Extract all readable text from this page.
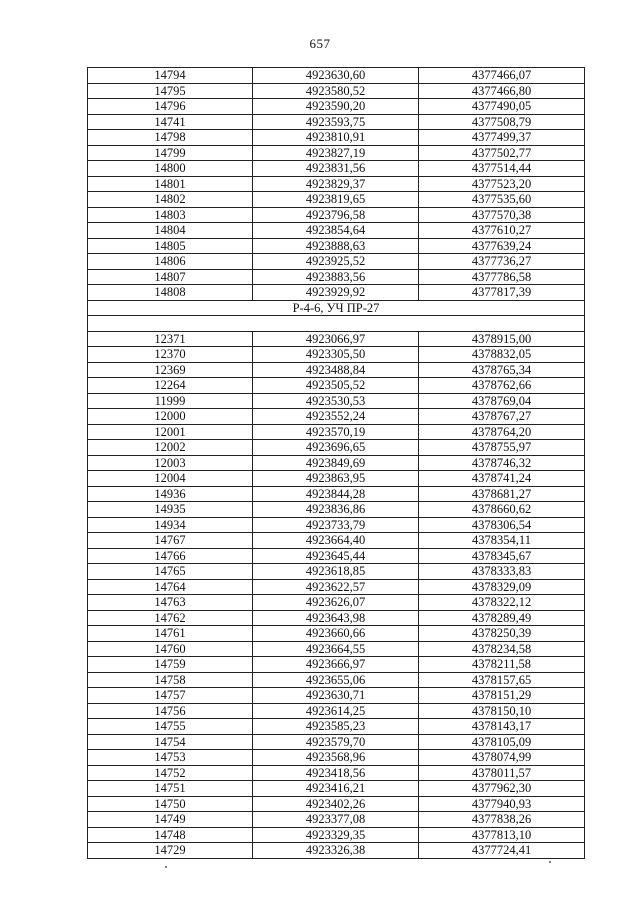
657
14794	4923630,60	4377466,07
14795	4923580,52	4377466,80
14796	4923590,20	4377490,05
14741	4923593,75	4377508,79
14798	4923810,91	4377499,37
14799	4923827,19	4377502,77
14800	4923831,56	4377514,44
14801	4923829,37	4377523,20
14802	4923819,65	4377535,60
14803	4923796,58	4377570,38
14804	4923854,64	4377610,27
14805	4923888,63	4377639,24
14806	4923925,52	4377736,27
14807	4923883,56	4377786,58
14808	4923929,92	4377817,39
Р-4-6, УЧ ПР-27		

12371	4923066,97	4378915,00
12370	4923305,50	4378832,05
12369	4923488,84	4378765,34
12264	4923505,52	4378762,66
11999	4923530,53	4378769,04
12000	4923552,24	4378767,27
12001	4923570,19	4378764,20
12002	4923696,65	4378755,97
12003	4923849,69	4378746,32
12004	4923863,95	4378741,24
14936	4923844,28	4378681,27
14935	4923836,86	4378660,62
14934	4923733,79	4378306,54
14767	4923664,40	4378354,11
14766	4923645,44	4378345,67
14765	4923618,85	4378333,83
14764	4923622,57	4378329,09
14763	4923626,07	4378322,12
14762	4923643,98	4378289,49
14761	4923660,66	4378250,39
14760	4923664,55	4378234,58
14759	4923666,97	4378211,58
14758	4923655,06	4378157,65
14757	4923630,71	4378151,29
14756	4923614,25	4378150,10
14755	4923585,23	4378143,17
14754	4923579,70	4378105,09
14753	4923568,96	4378074,99
14752	4923418,56	4378011,57
14751	4923416,21	4377962,30
14750	4923402,26	4377940,93
14749	4923377,08	4377838,26
14748	4923329,35	4377813,10
14729	4923326,38	4377724,41
